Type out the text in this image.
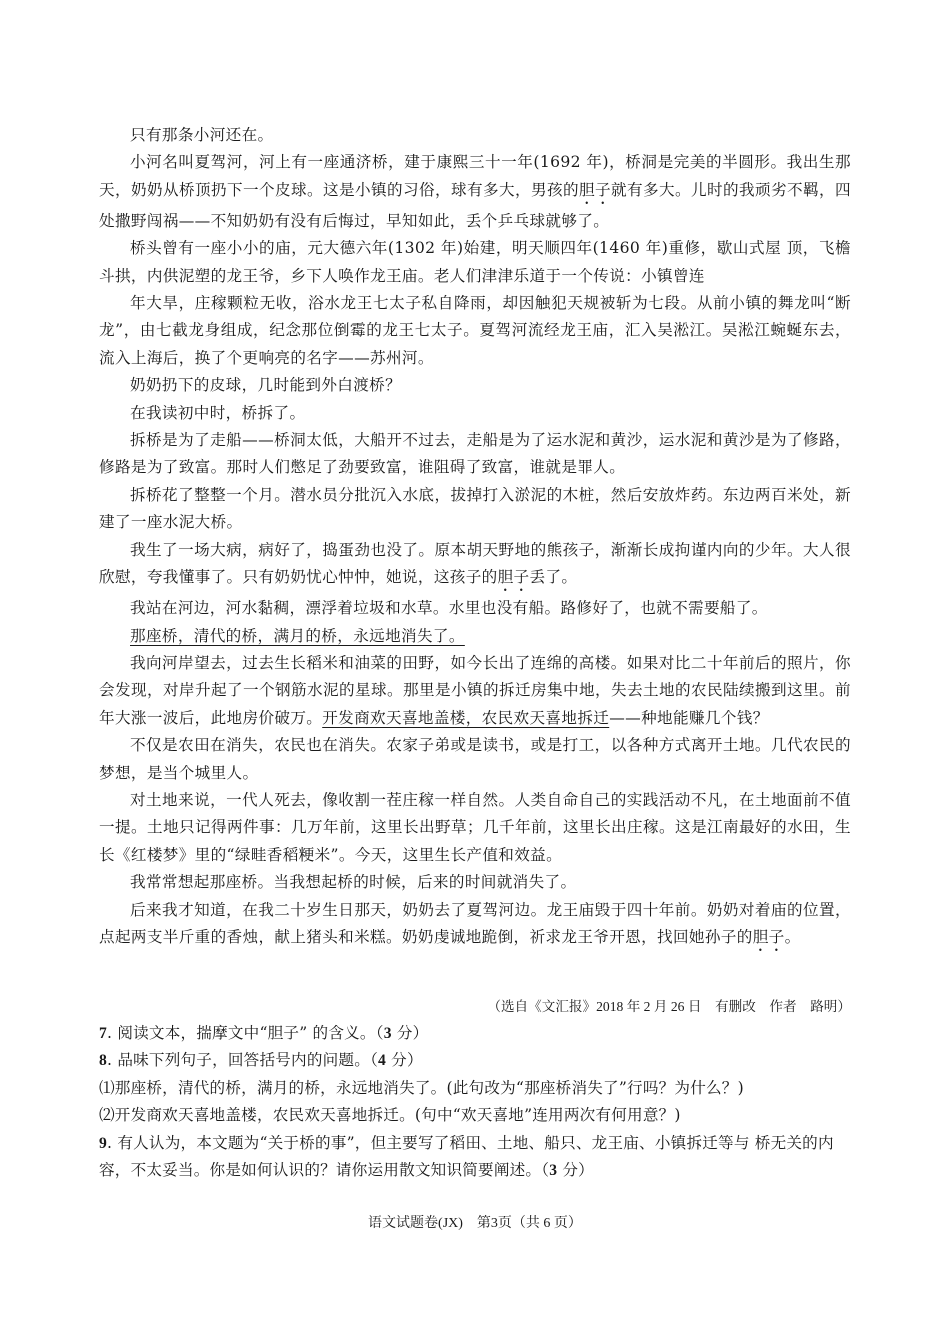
只有那条小河还在。

小河名叫夏驾河，河上有一座通济桥，建于康熙三十一年(1692 年)，桥洞是完美的半圆形。我出生那天，奶奶从桥顶扔下一个皮球。这是小镇的习俗，球有多大，男孩的胆子就有多大。儿时的我顽劣不羁，四处撒野闯祸——不知奶奶有没有后悔过，早知如此，丢个乒乓球就够了。

桥头曾有一座小小的庙，元大德六年(1302 年)始建，明天顺四年(1460 年)重修，歇山式屋 顶，飞檐斗拱，内供泥塑的龙王爷，乡下人唤作龙王庙。老人们津津乐道于一个传说：小镇曾连

年大旱，庄稼颗粒无收，浴水龙王七太子私自降雨，却因触犯天规被斩为七段。从前小镇的舞龙叫“断龙”，由七截龙身组成，纪念那位倒霉的龙王七太子。夏驾河流经龙王庙，汇入吴淞江。吴淞江蜿蜒东去，流入上海后，换了个更响亮的名字——苏州河。

奶奶扔下的皮球，几时能到外白渡桥？

在我读初中时，桥拆了。

拆桥是为了走船——桥洞太低，大船开不过去，走船是为了运水泥和黄沙，运水泥和黄沙是为了修路，修路是为了致富。那时人们憋足了劲要致富，谁阻碍了致富，谁就是罪人。

拆桥花了整整一个月。潜水员分批沉入水底，拔掉打入淤泥的木桩，然后安放炸药。东边两百米处，新建了一座水泥大桥。

我生了一场大病，病好了，捣蛋劲也没了。原本胡天野地的熊孩子，渐渐长成拘谨内向的少年。大人很欣慰，夸我懂事了。只有奶奶忧心忡忡，她说，这孩子的胆子丢了。

我站在河边，河水黏稠，漂浮着垃圾和水草。水里也没有船。路修好了，也就不需要船了。

那座桥，清代的桥，满月的桥，永远地消失了。

我向河岸望去，过去生长稻米和油菜的田野，如今长出了连绵的高楼。如果对比二十年前后的照片，你会发现，对岸升起了一个钢筋水泥的星球。那里是小镇的拆迁房集中地，失去土地的农民陆续搬到这里。前年大涨一波后，此地房价破万。开发商欢天喜地盖楼，农民欢天喜地拆迁——种地能赚几个钱？

不仅是农田在消失，农民也在消失。农家子弟或是读书，或是打工，以各种方式离开土地。几代农民的梦想，是当个城里人。

对土地来说，一代人死去，像收割一茬庄稼一样自然。人类自命自己的实践活动不凡，在土地面前不值一提。土地只记得两件事：几万年前，这里长出野草；几千年前，这里长出庄稼。这是江南最好的水田，生长《红楼梦》里的“绿畦香稻粳米”。今天，这里生长产值和效益。

我常常想起那座桥。当我想起桥的时候，后来的时间就消失了。

后来我才知道，在我二十岁生日那天，奶奶去了夏驾河边。龙王庙毁于四十年前。奶奶对着庙的位置，点起两支半斤重的香烛，献上猪头和米糕。奶奶虔诚地跪倒，祈求龙王爷开恩，找回她孙子的胆子。

（选自《文汇报》2018 年 2 月 26 日　有删改　作者　路明）
7. 阅读文本，揣摩文中“胆子” 的含义。（3 分）
8. 品味下列句子，回答括号内的问题。（4 分）
⑴那座桥，清代的桥，满月的桥，永远地消失了。(此句改为“那座桥消失了”行吗？为什么？)
⑵开发商欢天喜地盖楼，农民欢天喜地拆迁。(句中“欢天喜地”连用两次有何用意？)
9. 有人认为，本文题为“关于桥的事”，但主要写了稻田、土地、船只、龙王庙、小镇拆迁等与 桥无关的内容，不太妥当。你是如何认识的？请你运用散文知识简要阐述。（3 分）
语文试题卷(JX)　第3页（共 6 页）
